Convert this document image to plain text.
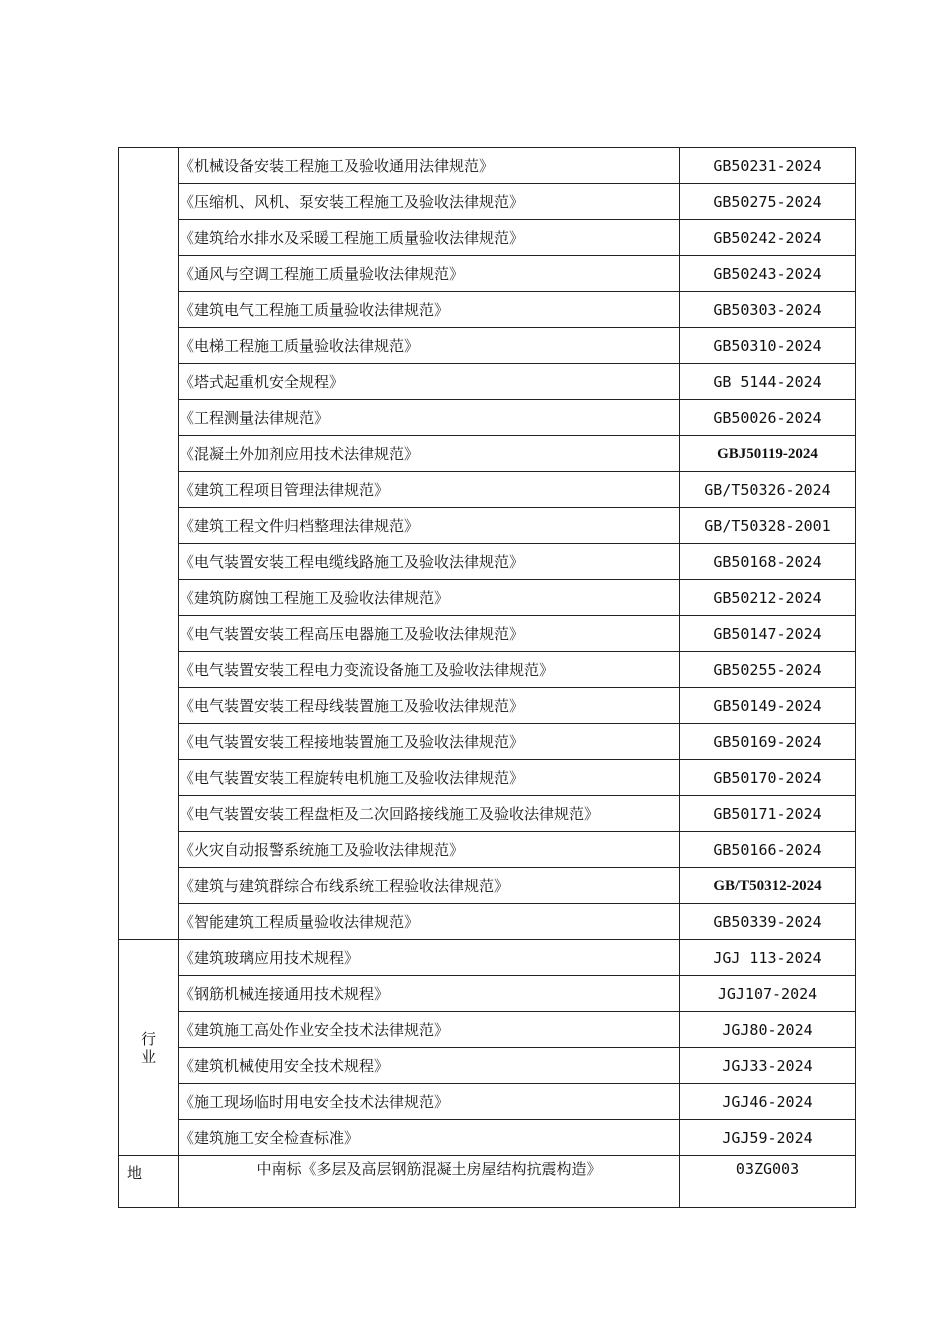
	《机械设备安装工程施工及验收通用法律规范》	GB50231-2024
	《压缩机、风机、泵安装工程施工及验收法律规范》	GB50275-2024
	《建筑给水排水及采暖工程施工质量验收法律规范》	GB50242-2024
	《通风与空调工程施工质量验收法律规范》	GB50243-2024
	《建筑电气工程施工质量验收法律规范》	GB50303-2024
	《电梯工程施工质量验收法律规范》	GB50310-2024
	《塔式起重机安全规程》	GB 5144-2024
	《工程测量法律规范》	GB50026-2024
	《混凝土外加剂应用技术法律规范》	GBJ50119-2024
	《建筑工程项目管理法律规范》	GB/T50326-2024
	《建筑工程文件归档整理法律规范》	GB/T50328-2001
	《电气装置安装工程电缆线路施工及验收法律规范》	GB50168-2024
	《建筑防腐蚀工程施工及验收法律规范》	GB50212-2024
	《电气装置安装工程高压电器施工及验收法律规范》	GB50147-2024
	《电气装置安装工程电力变流设备施工及验收法律规范》	GB50255-2024
	《电气装置安装工程母线装置施工及验收法律规范》	GB50149-2024
	《电气装置安装工程接地装置施工及验收法律规范》	GB50169-2024
	《电气装置安装工程旋转电机施工及验收法律规范》	GB50170-2024
	《电气装置安装工程盘柜及二次回路接线施工及验收法律规范》	GB50171-2024
	《火灾自动报警系统施工及验收法律规范》	GB50166-2024
	《建筑与建筑群综合布线系统工程验收法律规范》	GB/T50312-2024
	《智能建筑工程质量验收法律规范》	GB50339-2024
行业	《建筑玻璃应用技术规程》	JGJ 113-2024
	《钢筋机械连接通用技术规程》	JGJ107-2024
	《建筑施工高处作业安全技术法律规范》	JGJ80-2024
	《建筑机械使用安全技术规程》	JGJ33-2024
	《施工现场临时用电安全技术法律规范》	JGJ46-2024
	《建筑施工安全检查标准》	JGJ59-2024
地	中南标《多层及高层钢筋混凝土房屋结构抗震构造》	03ZG003
